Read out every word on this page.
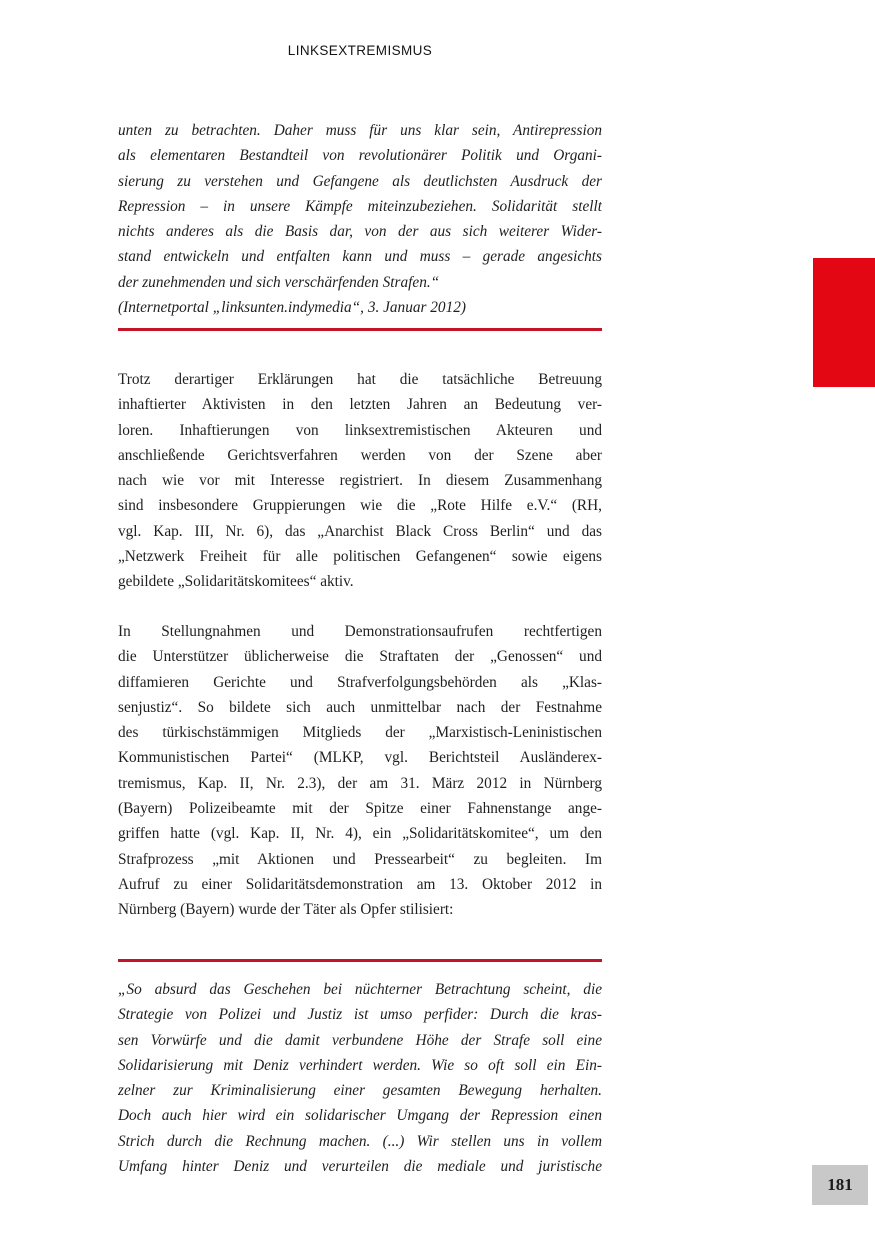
LINKSEXTREMISMUS
unten zu betrachten. Daher muss für uns klar sein, Antirepression
als elementaren Bestandteil von revolutionärer Politik und Organi-
sierung zu verstehen und Gefangene als deutlichsten Ausdruck der
Repression – in unsere Kämpfe miteinzubeziehen. Solidarität stellt
nichts anderes als die Basis dar, von der aus sich weiterer Wider-
stand entwickeln und entfalten kann und muss – gerade angesichts
der zunehmenden und sich verschärfenden Strafen.“
(Internetportal „linksunten.indymedia“, 3. Januar 2012)
Trotz derartiger Erklärungen hat die tatsächliche Betreuung
inhaftierter Aktivisten in den letzten Jahren an Bedeutung ver-
loren. Inhaftierungen von linksextremistischen Akteuren und
anschließende Gerichtsverfahren werden von der Szene aber
nach wie vor mit Interesse registriert. In diesem Zusammenhang
sind insbesondere Gruppierungen wie die „Rote Hilfe e.V.“ (RH,
vgl. Kap. III, Nr. 6), das „Anarchist Black Cross Berlin“ und das
„Netzwerk Freiheit für alle politischen Gefangenen“ sowie eigens
gebildete „Solidaritätskomitees“ aktiv.
In Stellungnahmen und Demonstrationsaufrufen rechtfertigen
die Unterstützer üblicherweise die Straftaten der „Genossen“ und
diffamieren Gerichte und Strafverfolgungsbehörden als „Klas-
senjustiz“. So bildete sich auch unmittelbar nach der Festnahme
des türkischstämmigen Mitglieds der „Marxistisch-Leninistischen
Kommunistischen Partei“ (MLKP, vgl. Berichtsteil Ausländerex-
tremismus, Kap. II, Nr. 2.3), der am 31. März 2012 in Nürnberg
(Bayern) Polizeibeamte mit der Spitze einer Fahnenstange ange-
griffen hatte (vgl. Kap. II, Nr. 4), ein „Solidaritätskomitee“, um den
Strafprozess „mit Aktionen und Pressearbeit“ zu begleiten. Im
Aufruf zu einer Solidaritätsdemonstration am 13. Oktober 2012 in
Nürnberg (Bayern) wurde der Täter als Opfer stilisiert:
„So absurd das Geschehen bei nüchterner Betrachtung scheint, die
Strategie von Polizei und Justiz ist umso perfider: Durch die kras-
sen Vorwürfe und die damit verbundene Höhe der Strafe soll eine
Solidarisierung mit Deniz verhindert werden. Wie so oft soll ein Ein-
zelner zur Kriminalisierung einer gesamten Bewegung herhalten.
Doch auch hier wird ein solidarischer Umgang der Repression einen
Strich durch die Rechnung machen. (...) Wir stellen uns in vollem
Umfang hinter Deniz und verurteilen die mediale und juristische
181
